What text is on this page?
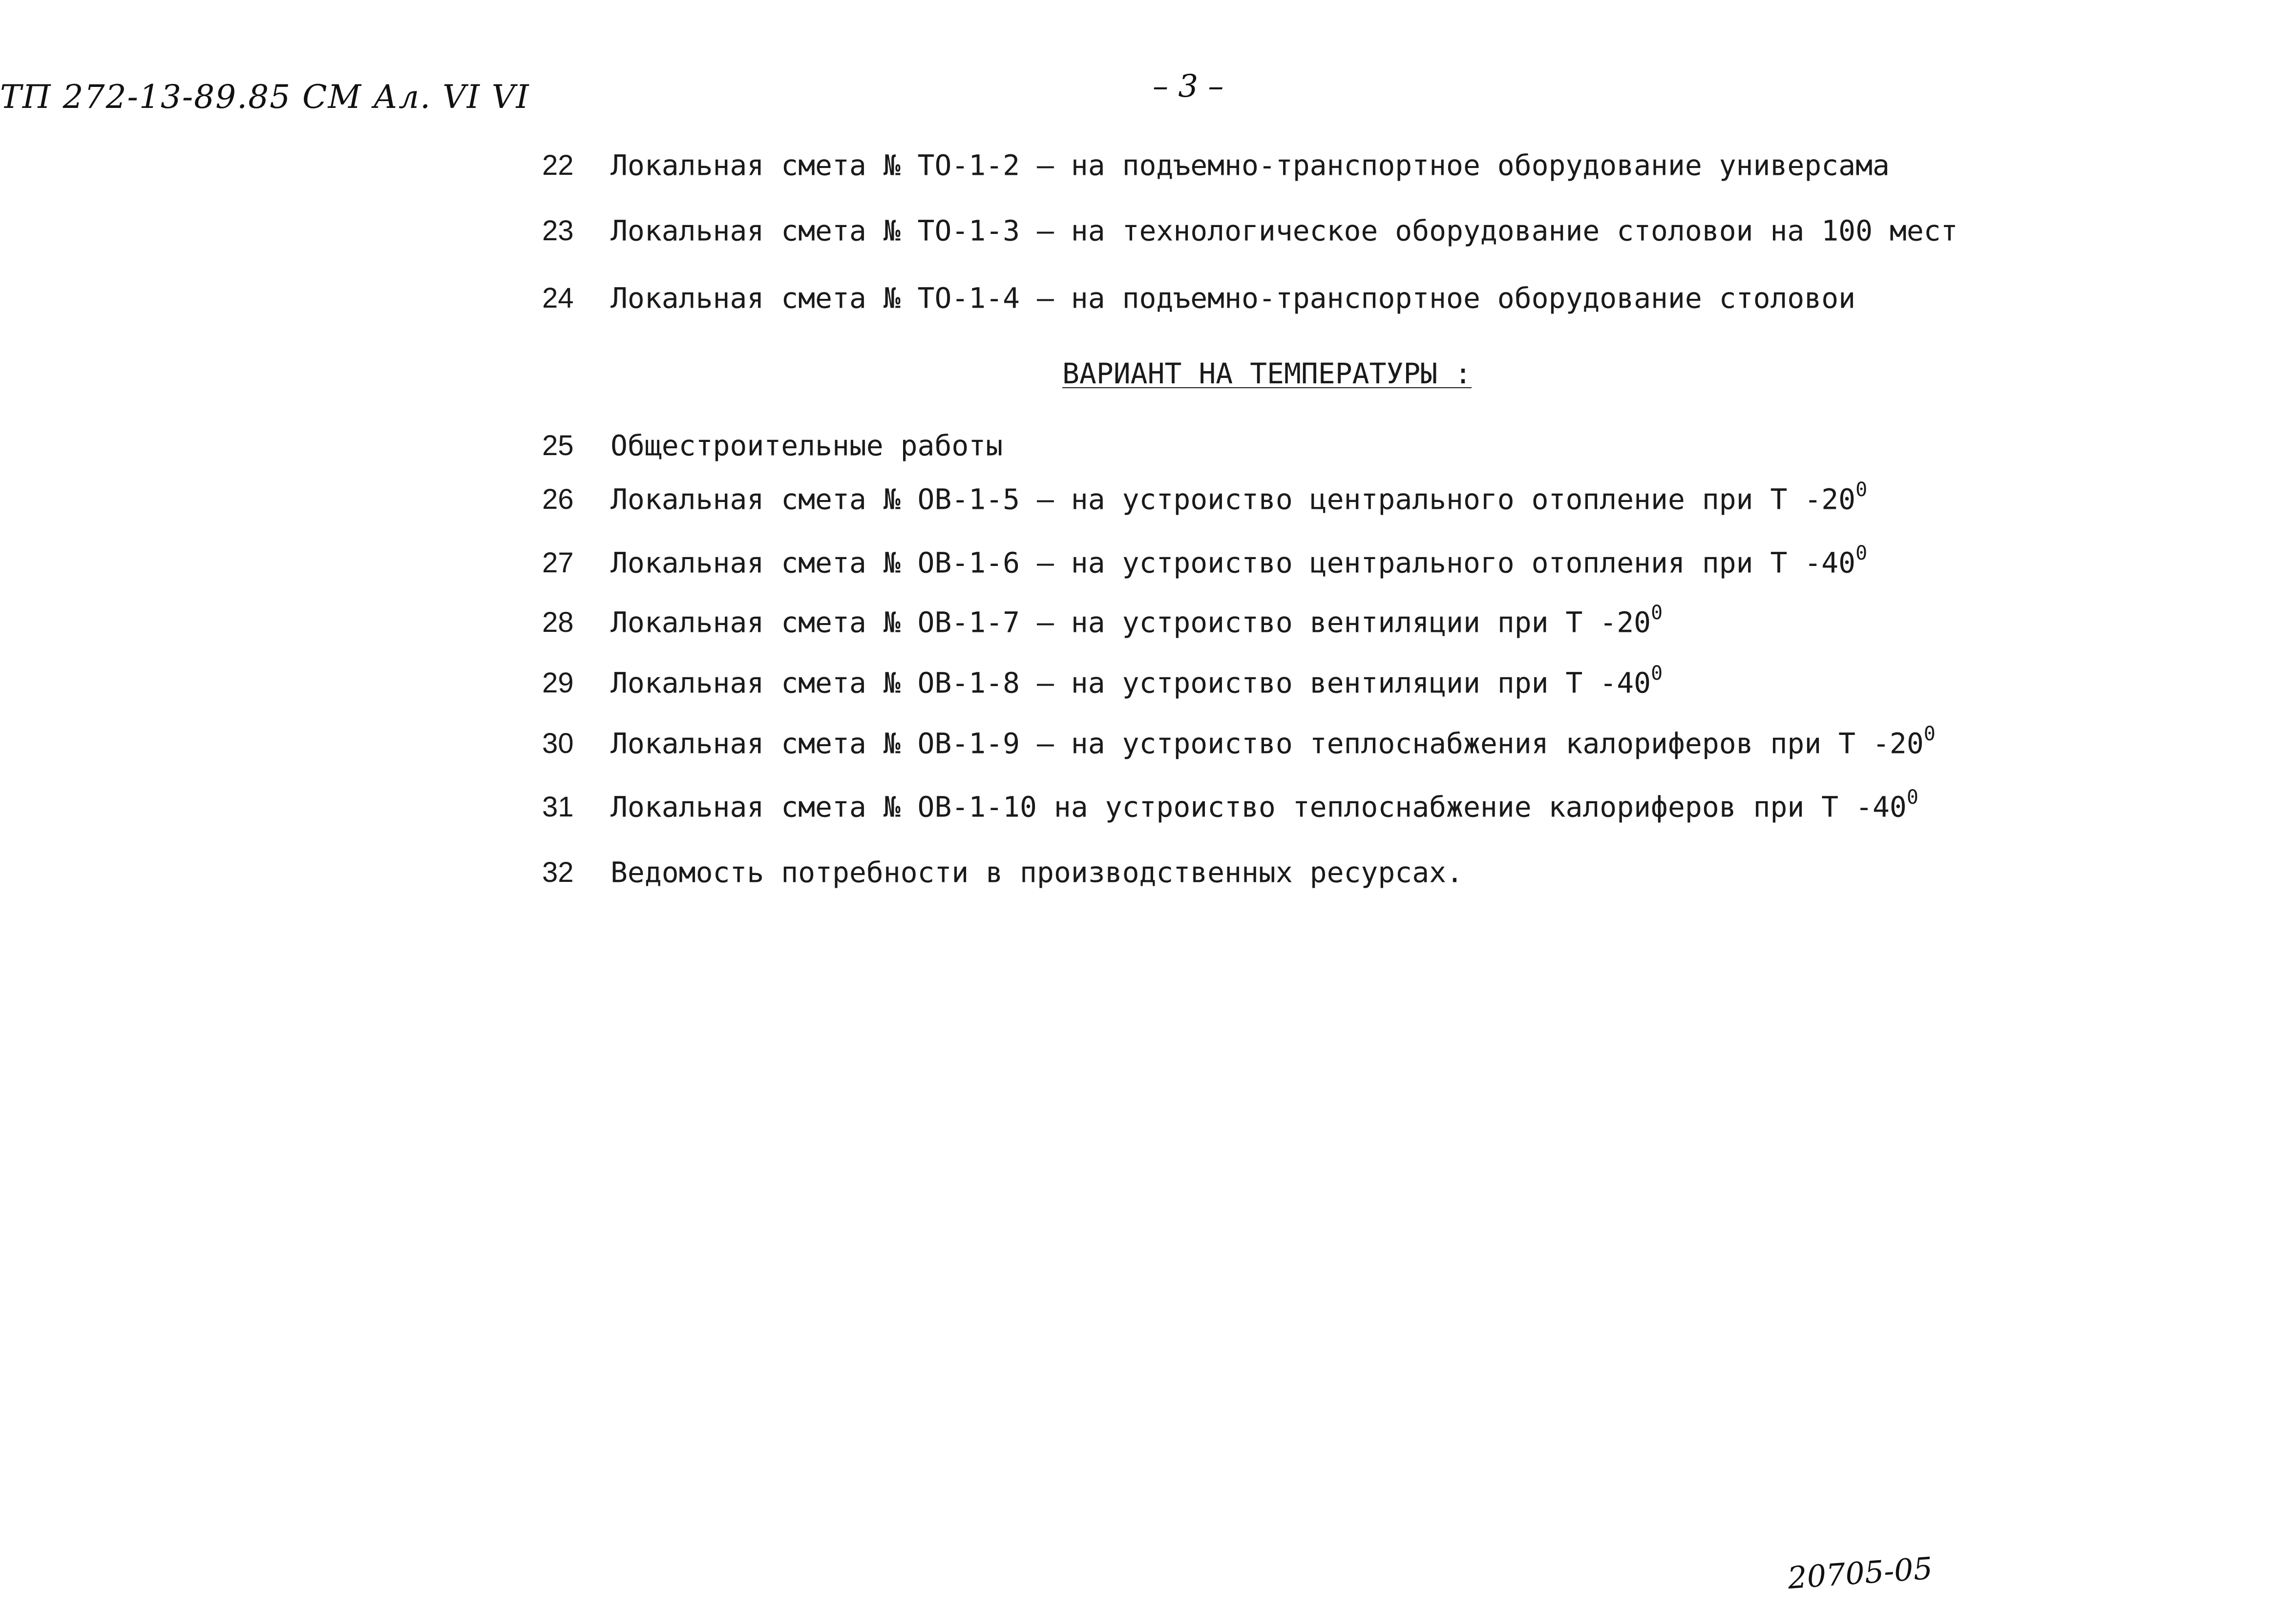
ТП 272-13-89.85 СМ Ал. VI VI	– 3 –
22 Локальная смета № ТО-1-2 – на подъемно-транспортное оборудование универсама
23 Локальная смета № ТО-1-3 – на технологическое оборудование столовои на 100 мест
24 Локальная смета № ТО-1-4 – на подъемно-транспортное оборудование столовои
25 Общестроительные работы
26 Локальная смета № ОВ-1-5 – на устроиство центрального отопление при Т $-20^0$
27 Локальная смета № ОВ-1-6 – на устроиство центрального отопления при Т $-40^0$
28 Локальная смета № ОВ-1-7 – на устроиство вентиляции при Т $-20^0$
29 Локальная смета № ОВ-1-8 – на устроиство вентиляции при Т $-40^0$
30 Локальная смета № ОВ-1-9 – на устроиство теплоснабжения калориферов при Т $-20^0$
31 Локальная смета № ОВ-1-10 на устроиство теплоснабжение калориферов при Т $-40^0$
32 Ведомость потребности в производственных ресурсах.
ВАРИАНТ НА ТЕМПЕРАТУРЫ :
20705-05
